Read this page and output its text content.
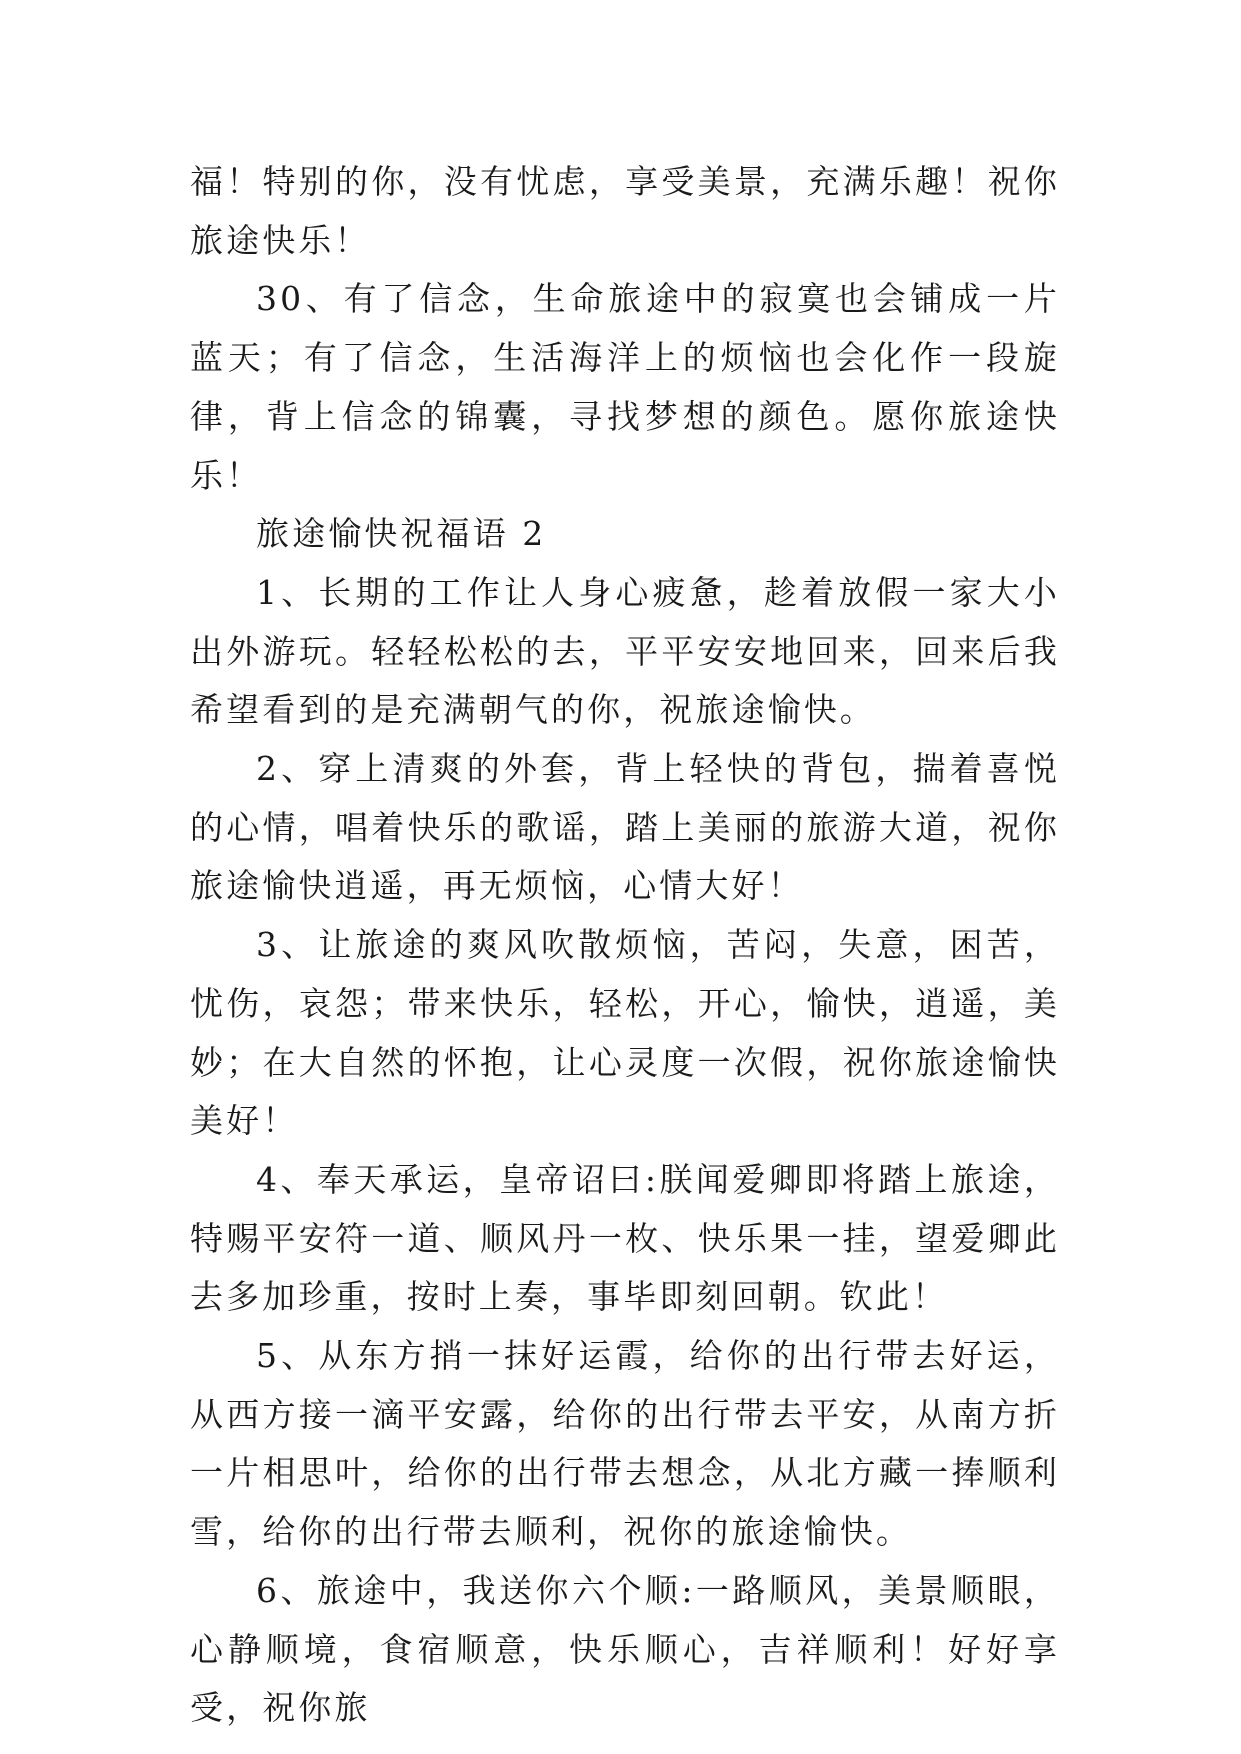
福！特别的你，没有忧虑，享受美景，充满乐趣！祝你旅途快乐！

30、有了信念，生命旅途中的寂寞也会铺成一片蓝天；有了信念，生活海洋上的烦恼也会化作一段旋律，背上信念的锦囊，寻找梦想的颜色。愿你旅途快乐！

旅途愉快祝福语 2

1、长期的工作让人身心疲惫，趁着放假一家大小出外游玩。轻轻松松的去，平平安安地回来，回来后我希望看到的是充满朝气的你，祝旅途愉快。

2、穿上清爽的外套，背上轻快的背包，揣着喜悦的心情，唱着快乐的歌谣，踏上美丽的旅游大道，祝你旅途愉快逍遥，再无烦恼，心情大好！

3、让旅途的爽风吹散烦恼，苦闷，失意，困苦，忧伤，哀怨；带来快乐，轻松，开心，愉快，逍遥，美妙；在大自然的怀抱，让心灵度一次假，祝你旅途愉快美好！

4、奉天承运，皇帝诏曰:朕闻爱卿即将踏上旅途，特赐平安符一道、顺风丹一枚、快乐果一挂，望爱卿此去多加珍重，按时上奏，事毕即刻回朝。钦此！

5、从东方捎一抹好运霞，给你的出行带去好运，从西方接一滴平安露，给你的出行带去平安，从南方折一片相思叶，给你的出行带去想念，从北方藏一捧顺利雪，给你的出行带去顺利，祝你的旅途愉快。

6、旅途中，我送你六个顺:一路顺风，美景顺眼，心静顺境，食宿顺意，快乐顺心，吉祥顺利！好好享受，祝你旅
